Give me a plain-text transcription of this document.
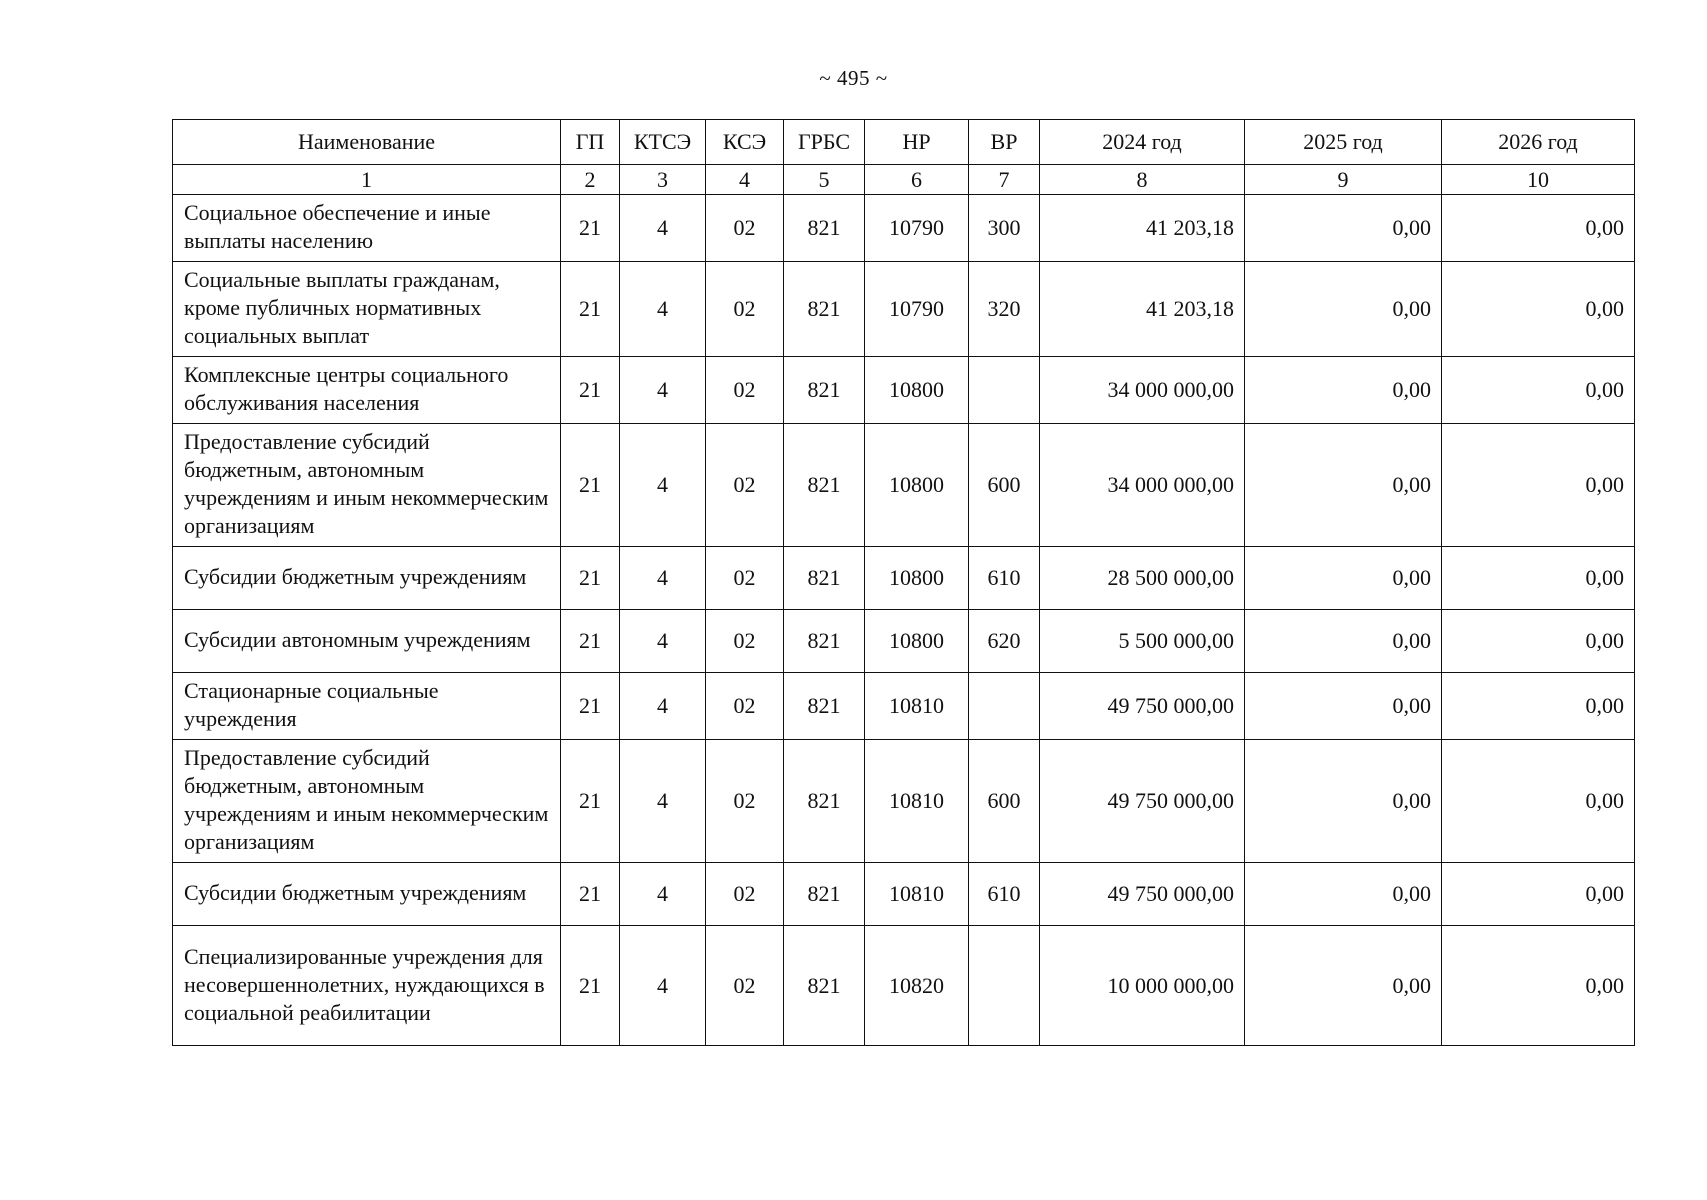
~ 495 ~
Наименование	ГП	КТСЭ	КСЭ	ГРБС	НР	ВР	2024 год	2025 год	2026 год
1	2	3	4	5	6	7	8	9	10
Социальное обеспечение и иные выплаты населению	21	4	02	821	10790	300	41 203,18	0,00	0,00
Социальные выплаты гражданам, кроме публичных нормативных социальных выплат	21	4	02	821	10790	320	41 203,18	0,00	0,00
Комплексные центры социального обслуживания населения	21	4	02	821	10800		34 000 000,00	0,00	0,00
Предоставление субсидий бюджетным, автономным учреждениям и иным некоммерческим организациям	21	4	02	821	10800	600	34 000 000,00	0,00	0,00
Субсидии бюджетным учреждениям	21	4	02	821	10800	610	28 500 000,00	0,00	0,00
Субсидии автономным учреждениям	21	4	02	821	10800	620	5 500 000,00	0,00	0,00
Стационарные социальные учреждения	21	4	02	821	10810		49 750 000,00	0,00	0,00
Предоставление субсидий бюджетным, автономным учреждениям и иным некоммерческим организациям	21	4	02	821	10810	600	49 750 000,00	0,00	0,00
Субсидии бюджетным учреждениям	21	4	02	821	10810	610	49 750 000,00	0,00	0,00
Специализированные учреждения для несовершеннолетних, нуждающихся в социальной реабилитации	21	4	02	821	10820		10 000 000,00	0,00	0,00
